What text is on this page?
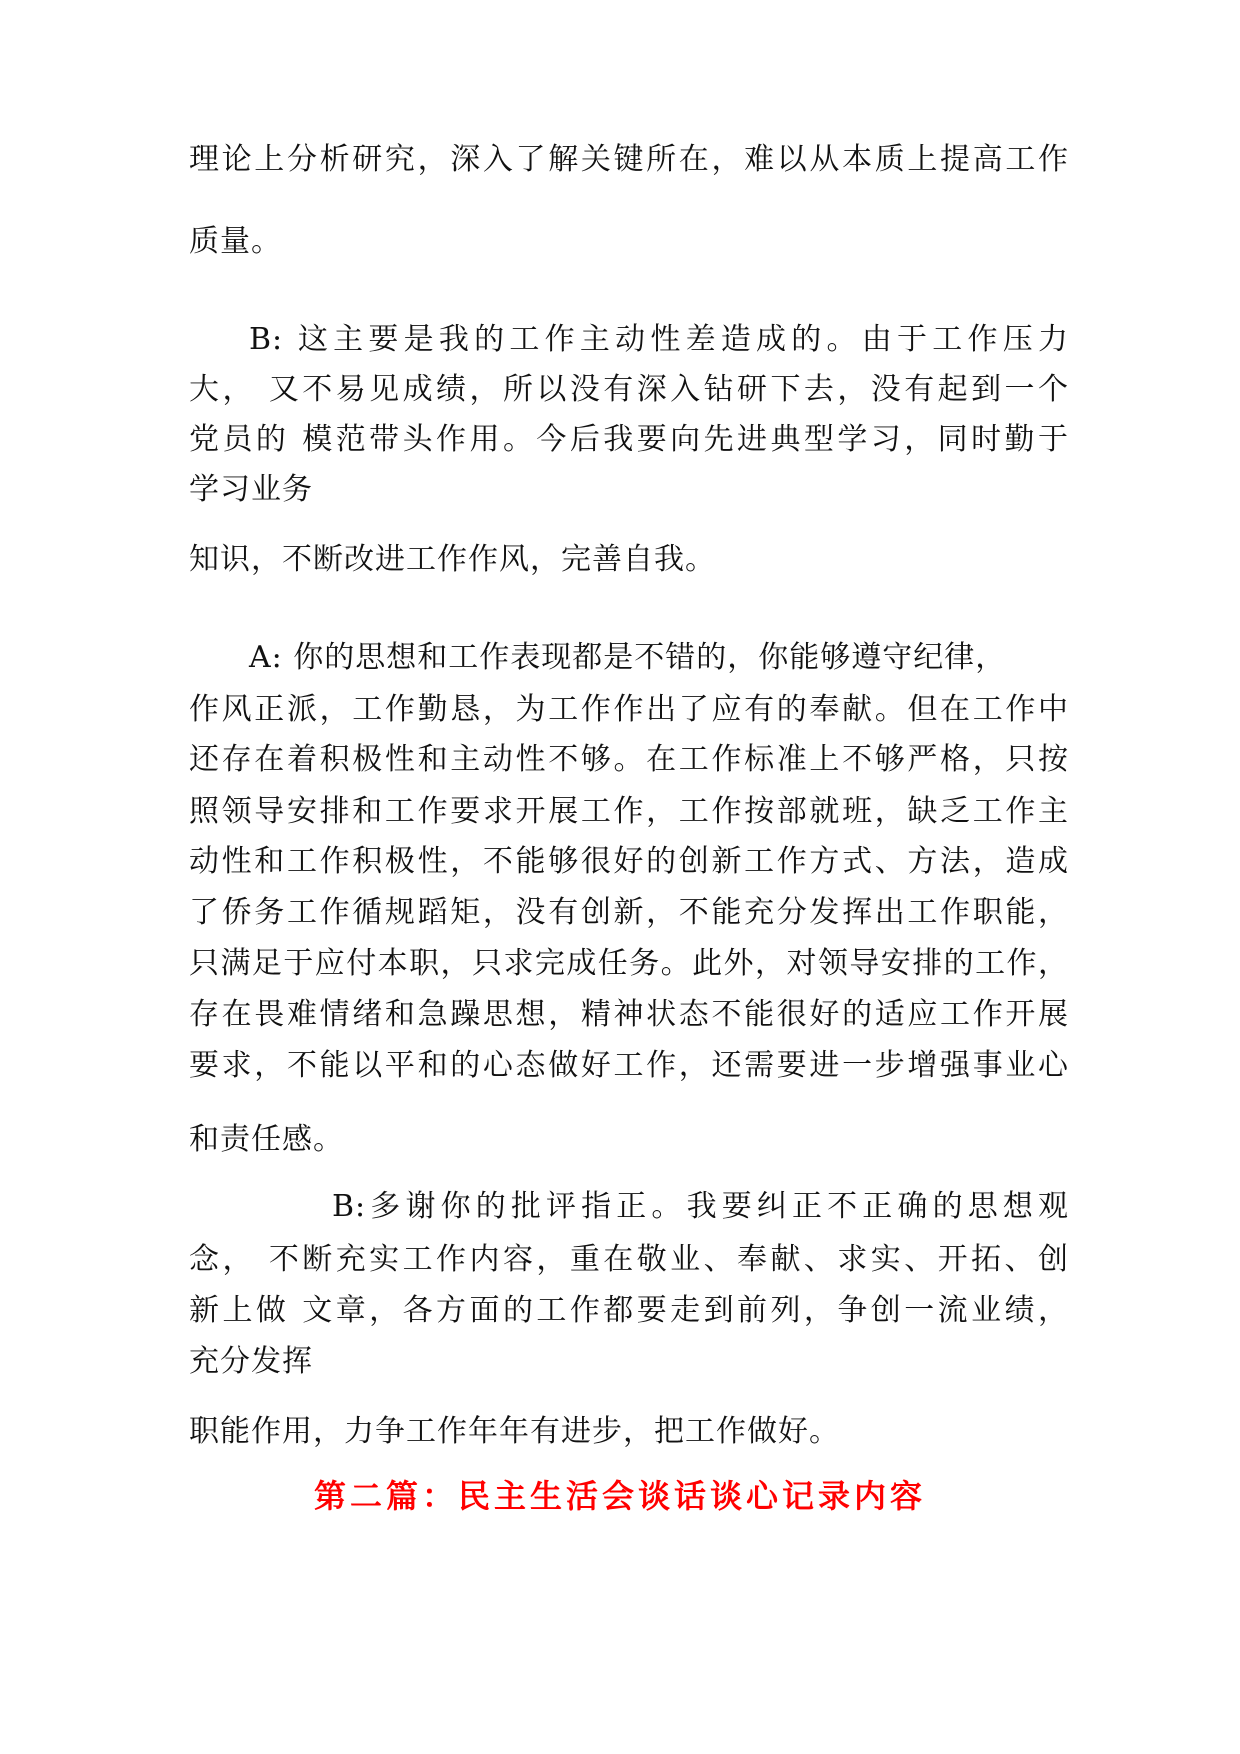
理论上分析研究，深入了解关键所在，难以从本质上提高工作
质量。
B: 这主要是我的工作主动性差造成的。由于工作压力
大， 又不易见成绩，所以没有深入钻研下去，没有起到一个
党员的 模范带头作用。今后我要向先进典型学习，同时勤于
学习业务
知识，不断改进工作作风，完善自我。
A: 你的思想和工作表现都是不错的，你能够遵守纪律，
作风正派，工作勤恳，为工作作出了应有的奉献。但在工作中
还存在着积极性和主动性不够。在工作标准上不够严格，只按
照领导安排和工作要求开展工作，工作按部就班，缺乏工作主
动性和工作积极性，不能够很好的创新工作方式、方法，造成
了侨务工作循规蹈矩，没有创新，不能充分发挥出工作职能，
只满足于应付本职，只求完成任务。此外，对领导安排的工作，
存在畏难情绪和急躁思想，精神状态不能很好的适应工作开展
要求，不能以平和的心态做好工作，还需要进一步增强事业心
和责任感。
B:多谢你的批评指正。我要纠正不正确的思想观
念， 不断充实工作内容，重在敬业、奉献、求实、开拓、创
新上做 文章，各方面的工作都要走到前列，争创一流业绩，
充分发挥
职能作用，力争工作年年有进步，把工作做好。
第二篇：民主生活会谈话谈心记录内容
